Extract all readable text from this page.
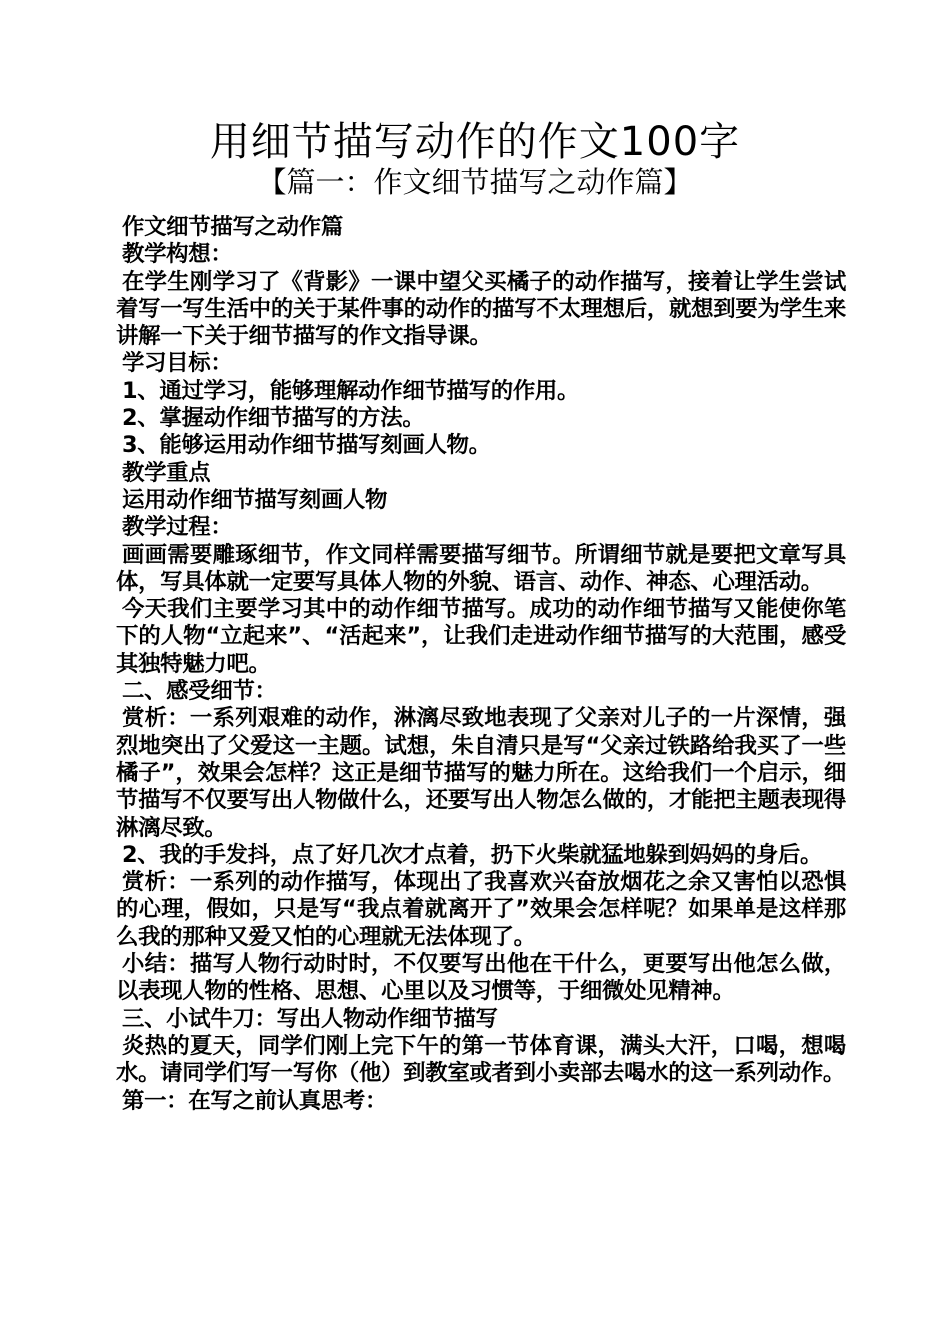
用细节描写动作的作文100字
【篇一：作文细节描写之动作篇】

作文细节描写之动作篇

教学构想：

在学生刚学习了《背影》一课中望父买橘子的动作描写，接着让学生尝试着写一写生活中的关于某件事的动作的描写不太理想后，就想到要为学生来讲解一下关于细节描写的作文指导课。

学习目标：

1、通过学习，能够理解动作细节描写的作用。

2、掌握动作细节描写的方法。

3、能够运用动作细节描写刻画人物。

教学重点

运用动作细节描写刻画人物

教学过程：

画画需要雕琢细节，作文同样需要描写细节。所谓细节就是要把文章写具体，写具体就一定要写具体人物的外貌、语言、动作、神态、心理活动。

今天我们主要学习其中的动作细节描写。成功的动作细节描写又能使你笔下的人物“立起来”、“活起来”，让我们走进动作细节描写的大范围，感受其独特魅力吧。

二、感受细节：

赏析：一系列艰难的动作，淋漓尽致地表现了父亲对儿子的一片深情，强烈地突出了父爱这一主题。试想，朱自清只是写“父亲过铁路给我买了一些橘子”，效果会怎样？这正是细节描写的魅力所在。这给我们一个启示，细节描写不仅要写出人物做什么，还要写出人物怎么做的，才能把主题表现得淋漓尽致。

2、我的手发抖，点了好几次才点着，扔下火柴就猛地躲到妈妈的身后。

赏析：一系列的动作描写，体现出了我喜欢兴奋放烟花之余又害怕以恐惧的心理，假如，只是写“我点着就离开了”效果会怎样呢？如果单是这样那么我的那种又爱又怕的心理就无法体现了。

小结：描写人物行动时时，不仅要写出他在干什么，更要写出他怎么做，以表现人物的性格、思想、心里以及习惯等，于细微处见精神。

三、小试牛刀：写出人物动作细节描写

炎热的夏天，同学们刚上完下午的第一节体育课，满头大汗，口喝，想喝水。请同学们写一写你（他）到教室或者到小卖部去喝水的这一系列动作。

第一：在写之前认真思考：
